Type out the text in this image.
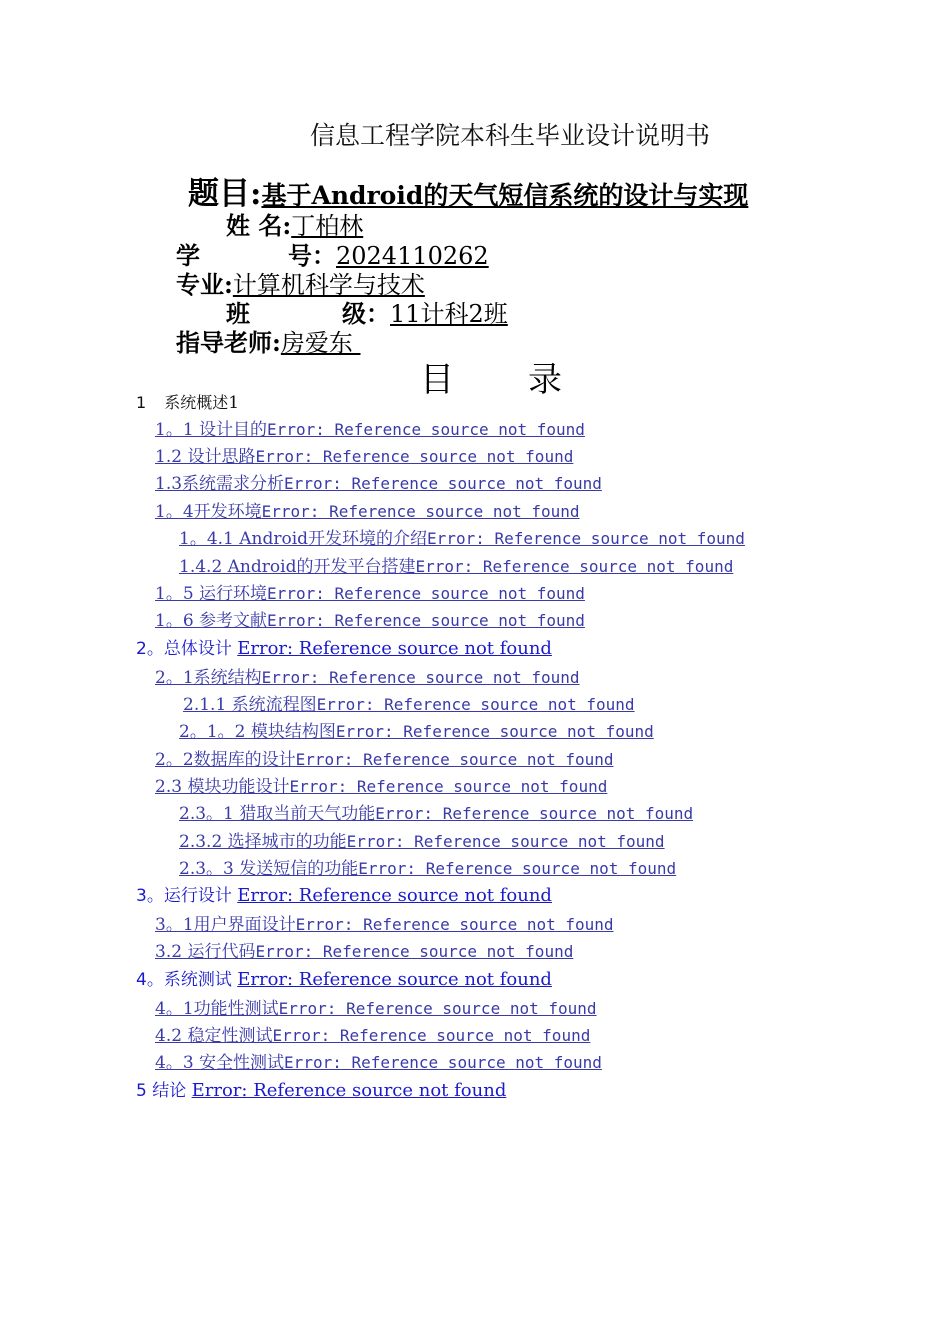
信息工程学院本科生毕业设计说明书
题目:基于Android的天气短信系统的设计与实现
姓 名:丁柏林
学	号：2024110262
专业:计算机科学与技术
班	级：11计科2班
指导老师:房爱东
目　　录
1 系统概述1
1。1 设计目的Error: Reference source not found
1.2 设计思路Error: Reference source not found
1.3系统需求分析Error: Reference source not found
1。4开发环境Error: Reference source not found
1。4.1 Android开发环境的介绍Error: Reference source not found
1.4.2 Android的开发平台搭建Error: Reference source not found
1。5 运行环境Error: Reference source not found
1。6 参考文献Error: Reference source not found
2。总体设计 Error: Reference source not found
2。1系统结构Error: Reference source not found
2.1.1 系统流程图Error: Reference source not found
2。1。2 模块结构图Error: Reference source not found
2。2数据库的设计Error: Reference source not found
2.3 模块功能设计Error: Reference source not found
2.3。1 猎取当前天气功能Error: Reference source not found
2.3.2 选择城市的功能Error: Reference source not found
2.3。3 发送短信的功能Error: Reference source not found
3。运行设计 Error: Reference source not found
3。1用户界面设计Error: Reference source not found
3.2 运行代码Error: Reference source not found
4。系统测试 Error: Reference source not found
4。1功能性测试Error: Reference source not found
4.2 稳定性测试Error: Reference source not found
4。3 安全性测试Error: Reference source not found
5 结论 Error: Reference source not found
